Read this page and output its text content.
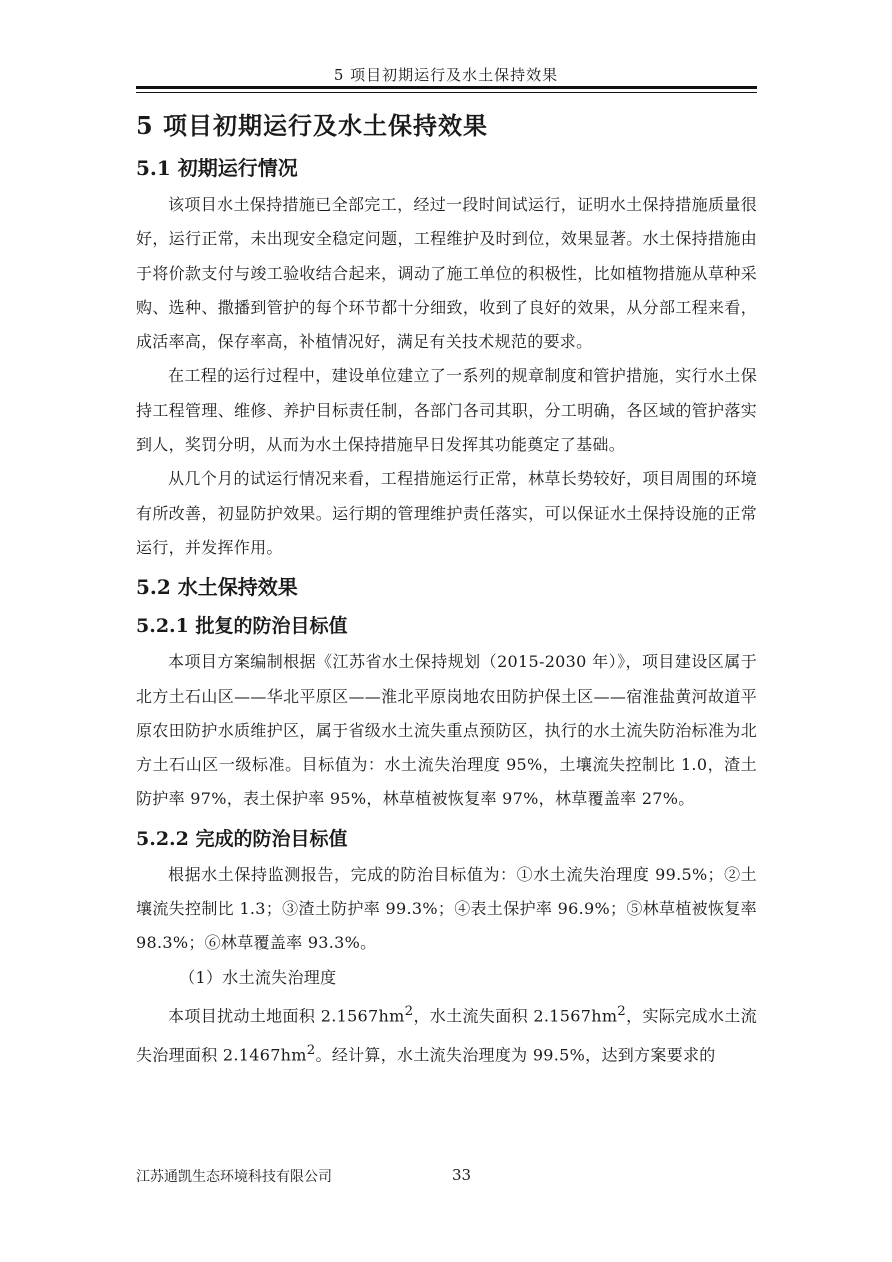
5 项目初期运行及水土保持效果
5 项目初期运行及水土保持效果
5.1 初期运行情况

该项目水土保持措施已全部完工，经过一段时间试运行，证明水土保持措施质量很好，运行正常，未出现安全稳定问题，工程维护及时到位，效果显著。水土保持措施由于将价款支付与竣工验收结合起来，调动了施工单位的积极性，比如植物措施从草种采购、选种、撒播到管护的每个环节都十分细致，收到了良好的效果，从分部工程来看，成活率高，保存率高，补植情况好，满足有关技术规范的要求。

在工程的运行过程中，建设单位建立了一系列的规章制度和管护措施，实行水土保持工程管理、维修、养护目标责任制，各部门各司其职，分工明确，各区域的管护落实到人，奖罚分明，从而为水土保持措施早日发挥其功能奠定了基础。

从几个月的试运行情况来看，工程措施运行正常，林草长势较好，项目周围的环境有所改善，初显防护效果。运行期的管理维护责任落实，可以保证水土保持设施的正常运行，并发挥作用。

5.2 水土保持效果
5.2.1 批复的防治目标值

本项目方案编制根据《江苏省水土保持规划（2015-2030 年）》，项目建设区属于北方土石山区——华北平原区——淮北平原岗地农田防护保土区——宿淮盐黄河故道平原农田防护水质维护区，属于省级水土流失重点预防区，执行的水土流失防治标准为北方土石山区一级标准。目标值为：水土流失治理度 95%，土壤流失控制比 1.0，渣土防护率 97%，表土保护率 95%，林草植被恢复率 97%，林草覆盖率 27%。

5.2.2 完成的防治目标值

根据水土保持监测报告，完成的防治目标值为：①水土流失治理度 99.5%；②土壤流失控制比 1.3；③渣土防护率 99.3%；④表土保护率 96.9%；⑤林草植被恢复率 98.3%；⑥林草覆盖率 93.3%。

（1）水土流失治理度

本项目扰动土地面积 $2.1567hm^2$，水土流失面积 $2.1567hm^2$，实际完成水土流失治理面积 $2.1467hm^2$。经计算，水土流失治理度为 99.5%，达到方案要求的

江苏通凯生态环境科技有限公司	33
